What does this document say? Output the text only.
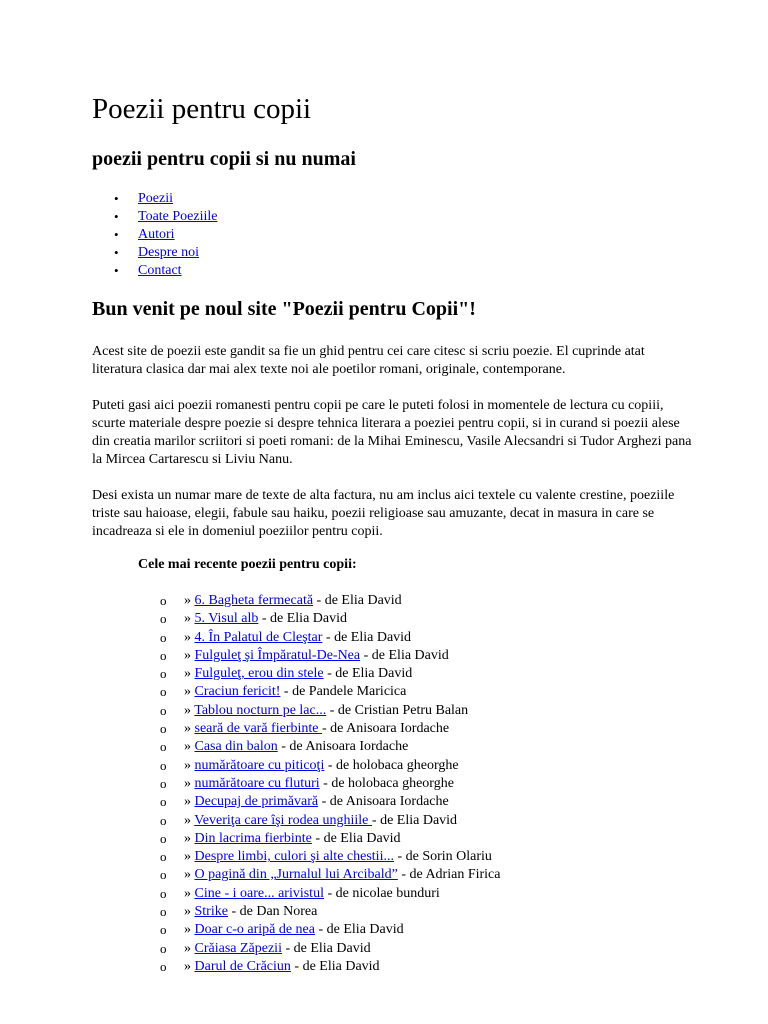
Poezii pentru copii
poezii pentru copii si nu numai
• Poezii
• Toate Poeziile
• Autori
• Despre noi
• Contact
Bun venit pe noul site "Poezii pentru Copii"!

Acest site de poezii este gandit sa fie un ghid pentru cei care citesc si scriu poezie. El cuprinde atat literatura clasica dar mai alex texte noi ale poetilor romani, originale, contemporane.

Puteti gasi aici poezii romanesti pentru copii pe care le puteti folosi in momentele de lectura cu copiii, scurte materiale despre poezie si despre tehnica literara a poeziei pentru copii, si in curand si poezii alese din creatia marilor scriitori si poeti romani: de la Mihai Eminescu, Vasile Alecsandri si Tudor Arghezi pana la Mircea Cartarescu si Liviu Nanu.

Desi exista un numar mare de texte de alta factura, nu am inclus aici textele cu valente crestine, poeziile triste sau haioase, elegii, fabule sau haiku, poezii religioase sau amuzante, decat in masura in care se incadreaza si ele in domeniul poeziilor pentru copii.

Cele mai recente poezii pentru copii:
o » 6. Bagheta fermecată - de Elia David
o » 5. Visul alb - de Elia David
o » 4. În Palatul de Cleştar - de Elia David
o » Fulguleţ şi Împăratul-De-Nea - de Elia David
o » Fulguleţ, erou din stele - de Elia David
o » Craciun fericit! - de Pandele Maricica
o » Tablou nocturn pe lac... - de Cristian Petru Balan
o » seară de vară fierbinte - de Anisoara Iordache
o » Casa din balon - de Anisoara Iordache
o » numărătoare cu piticoţi - de holobaca gheorghe
o » numărătoare cu fluturi - de holobaca gheorghe
o » Decupaj de primăvară - de Anisoara Iordache
o » Veveriţa care îşi rodea unghiile - de Elia David
o » Din lacrima fierbinte - de Elia David
o » Despre limbi, culori şi alte chestii... - de Sorin Olariu
o » O pagină din „Jurnalul lui Arcibald” - de Adrian Firica
o » Cine - i oare... arivistul - de nicolae bunduri
o » Strike - de Dan Norea
o » Doar c-o aripă de nea - de Elia David
o » Crăiasa Zăpezii - de Elia David
o » Darul de Crăciun - de Elia David
